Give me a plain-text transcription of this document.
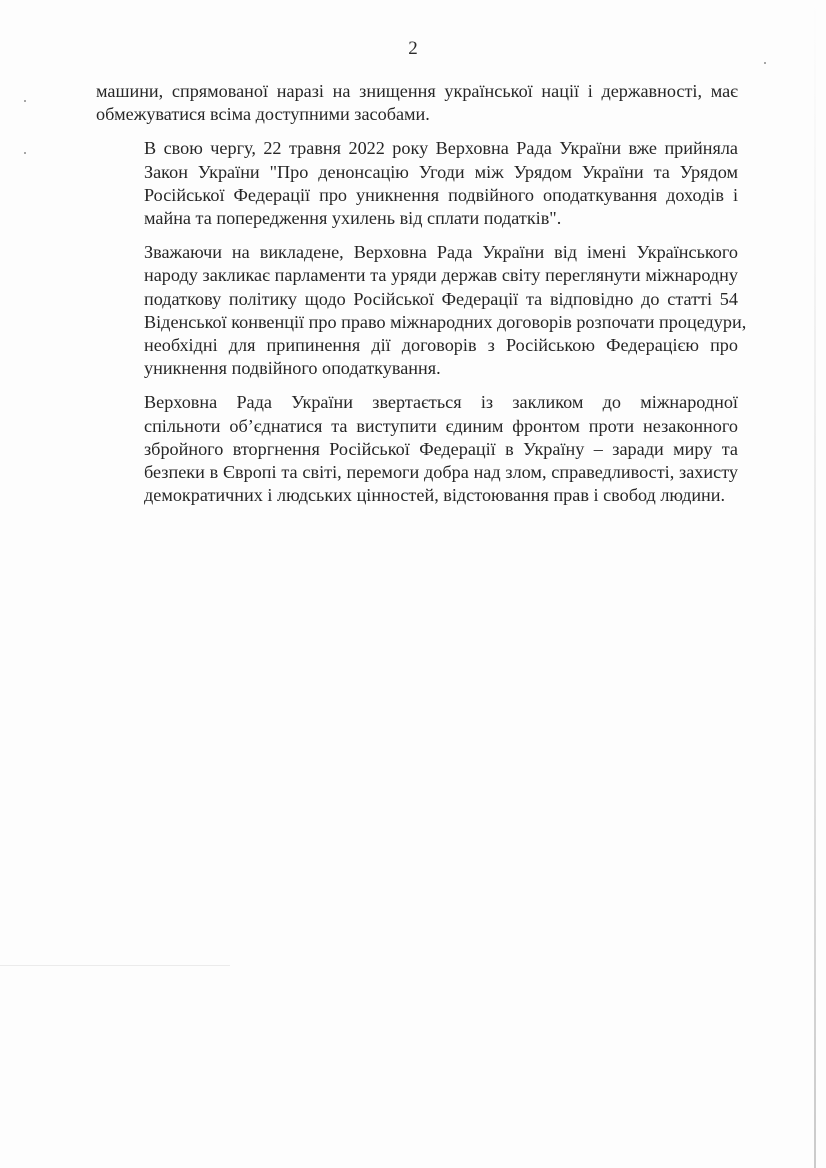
2

машини, спрямованої наразі на знищення української нації і державності, має
обмежуватися всіма доступними засобами.

В свою чергу, 22 травня 2022 року Верховна Рада України вже прийняла
Закон України "Про денонсацію Угоди між Урядом України та Урядом
Російської Федерації про уникнення подвійного оподаткування доходів і
майна та попередження ухилень від сплати податків".

Зважаючи на викладене, Верховна Рада України від імені Українського
народу закликає парламенти та уряди держав світу переглянути міжнародну
податкову політику щодо Російської Федерації та відповідно до статті 54
Віденської конвенції про право міжнародних договорів розпочати процедури,
необхідні для припинення дії договорів з Російською Федерацією про
уникнення подвійного оподаткування.

Верховна Рада України звертається із закликом до міжнародної
спільноти об’єднатися та виступити єдиним фронтом проти незаконного
збройного вторгнення Російської Федерації в Україну – заради миру та
безпеки в Європі та світі, перемоги добра над злом, справедливості, захисту
демократичних і людських цінностей, відстоювання прав і свобод людини.
